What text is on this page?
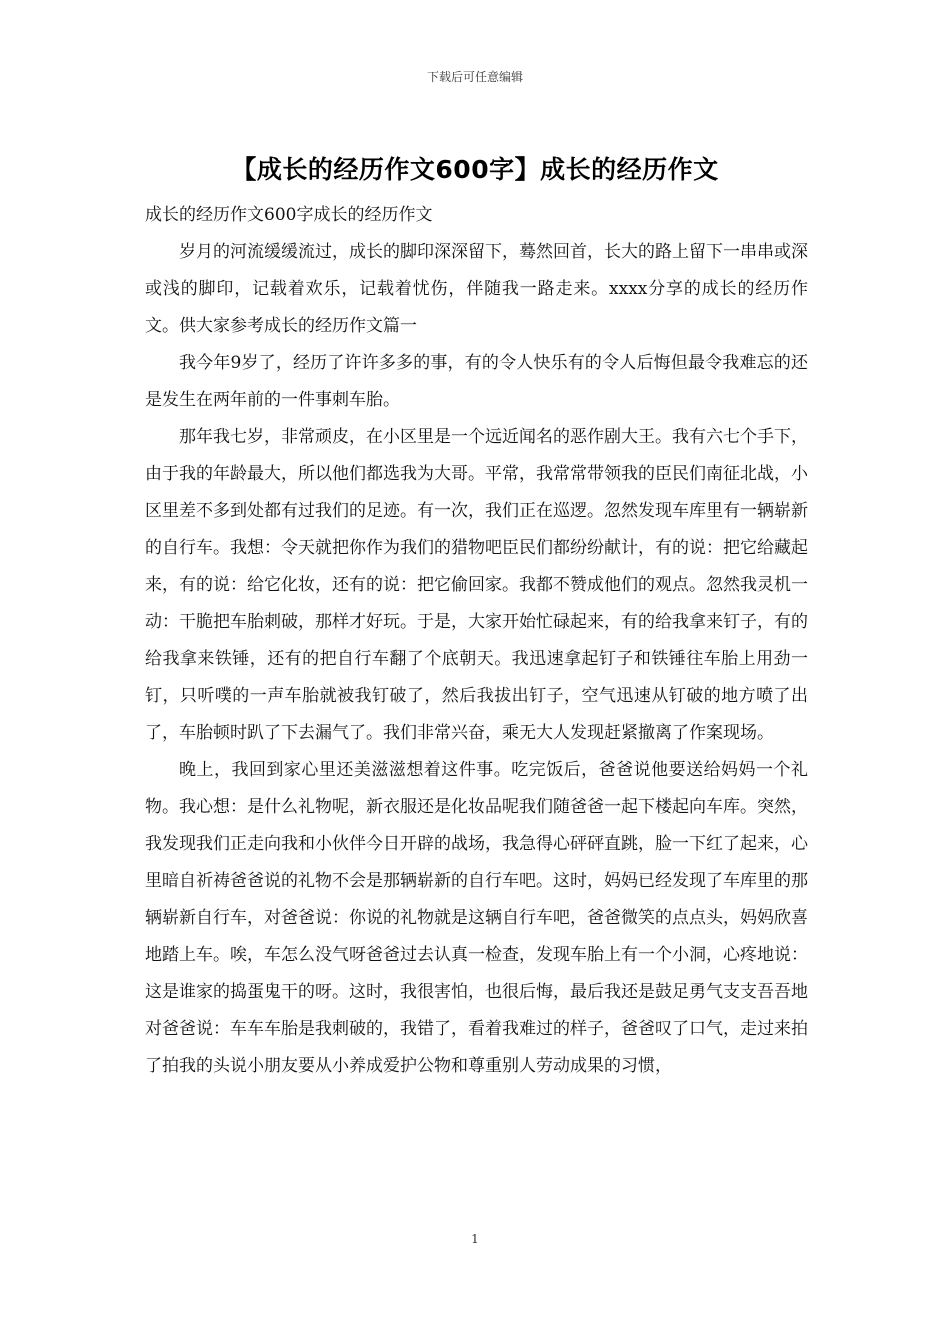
下载后可任意编辑
【成长的经历作文600字】成长的经历作文

成长的经历作文600字成长的经历作文

岁月的河流缓缓流过，成长的脚印深深留下，蓦然回首，长大的路上留下一串串或深或浅的脚印，记载着欢乐，记载着忧伤，伴随我一路走来。xxxx分享的成长的经历作文。供大家参考成长的经历作文篇一

我今年9岁了，经历了许许多多的事，有的令人快乐有的令人后悔但最令我难忘的还是发生在两年前的一件事刺车胎。

那年我七岁，非常顽皮，在小区里是一个远近闻名的恶作剧大王。我有六七个手下，由于我的年龄最大，所以他们都选我为大哥。平常，我常常带领我的臣民们南征北战，小区里差不多到处都有过我们的足迹。有一次，我们正在巡逻。忽然发现车库里有一辆崭新的自行车。我想：令天就把你作为我们的猎物吧臣民们都纷纷献计，有的说：把它给藏起来，有的说：给它化妆，还有的说：把它偷回家。我都不赞成他们的观点。忽然我灵机一动：干脆把车胎刺破，那样才好玩。于是，大家开始忙碌起来，有的给我拿来钉子，有的给我拿来铁锤，还有的把自行车翻了个底朝天。我迅速拿起钉子和铁锤往车胎上用劲一钉，只听噗的一声车胎就被我钉破了，然后我拔出钉子，空气迅速从钉破的地方喷了出了，车胎顿时趴了下去漏气了。我们非常兴奋，乘无大人发现赶紧撤离了作案现场。

晚上，我回到家心里还美滋滋想着这件事。吃完饭后，爸爸说他要送给妈妈一个礼物。我心想：是什么礼物呢，新衣服还是化妆品呢我们随爸爸一起下楼起向车库。突然，我发现我们正走向我和小伙伴今日开辟的战场，我急得心砰砰直跳，脸一下红了起来，心里暗自祈祷爸爸说的礼物不会是那辆崭新的自行车吧。这时，妈妈已经发现了车库里的那辆崭新自行车，对爸爸说：你说的礼物就是这辆自行车吧，爸爸微笑的点点头，妈妈欣喜地踏上车。唉，车怎么没气呀爸爸过去认真一检查，发现车胎上有一个小洞，心疼地说：这是谁家的捣蛋鬼干的呀。这时，我很害怕，也很后悔，最后我还是鼓足勇气支支吾吾地对爸爸说：车车车胎是我刺破的，我错了，看着我难过的样子，爸爸叹了口气，走过来拍了拍我的头说小朋友要从小养成爱护公物和尊重别人劳动成果的习惯，

1
